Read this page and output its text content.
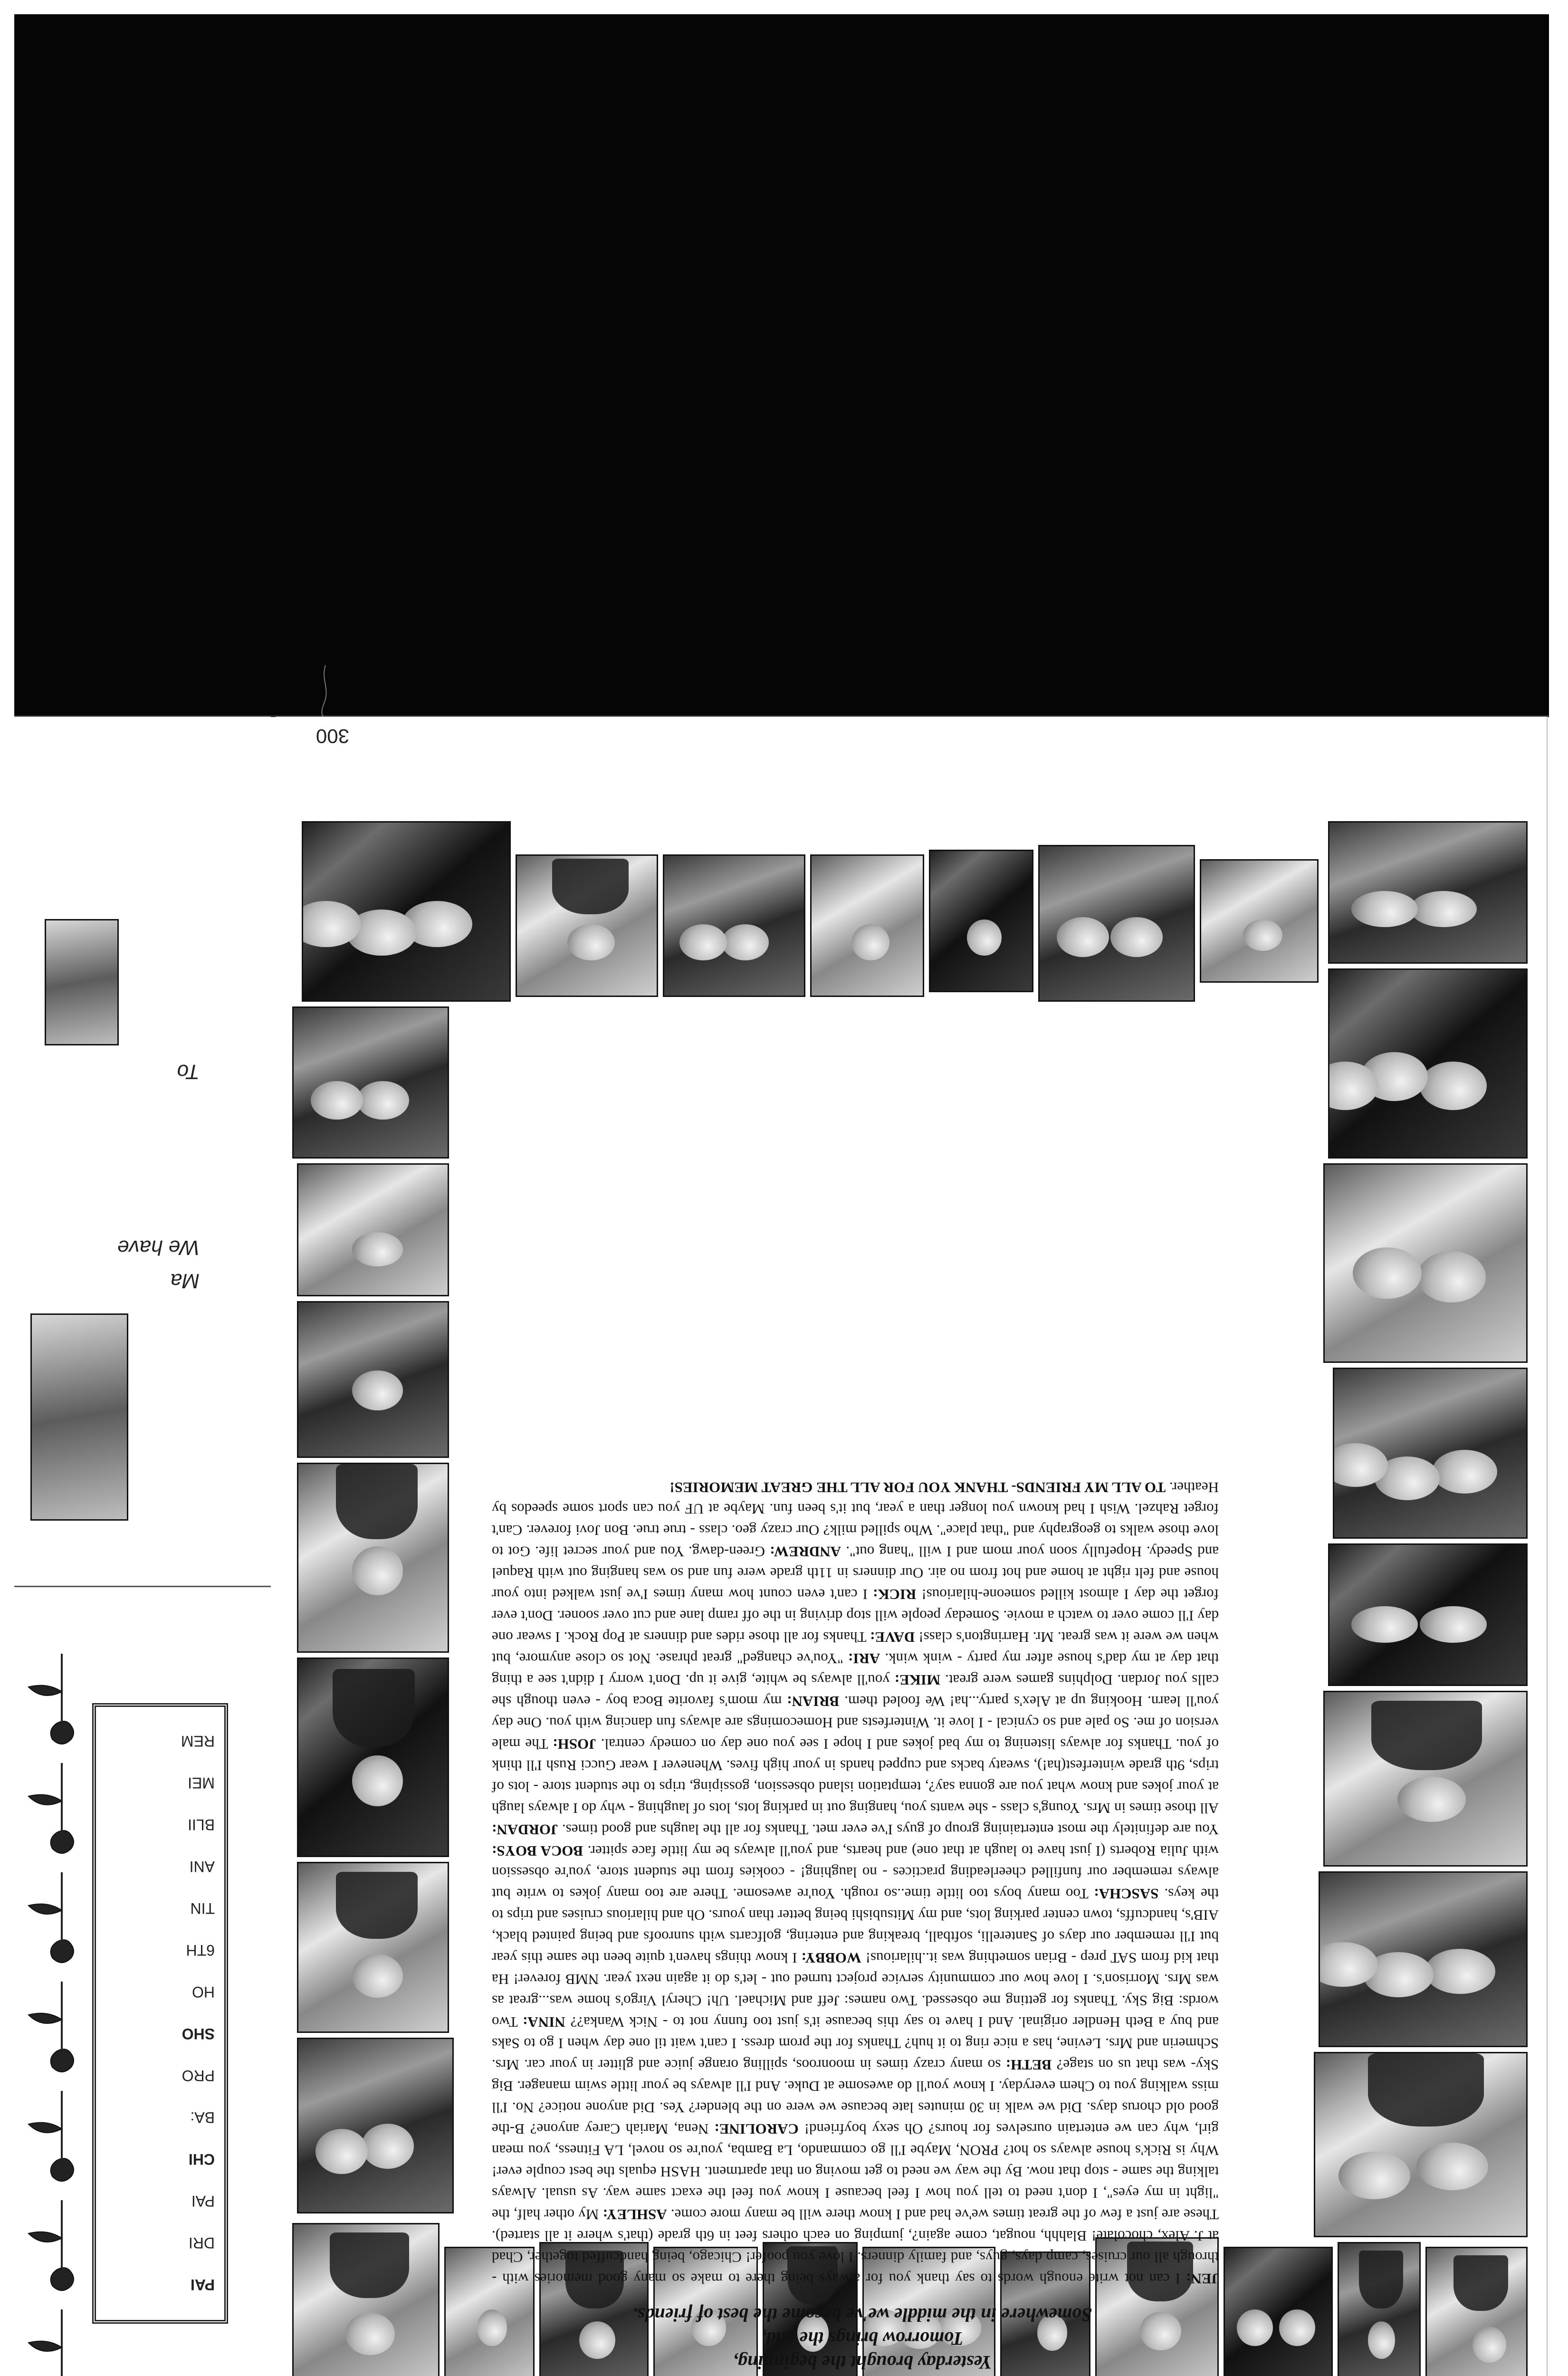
PAI
DRI
PAI
CHI
BA:
PRO
SHO
HO
6TH
TIN
ANI
BLII
MEI
REM
Ma
We have
To

Yesterday brought the beginning,

Tomorrow brings the end,

Somewhere in the middle we've become the best of friends.

JEN: I can not write enough words to say thank you for always being there to make so many good memories with - through all our cruises, camp days, guys, and family dinners. I love you poofer! Chicago, being handcuffed together, Chad at J. Alex, chocolate! Blahhh, nougat, come again?, jumping on each others feet in 6th grade (that's where it all started). These are just a few of the great times we've had and I know there will be many more come. ASHLEY: My other half, the "light in my eyes", I don't need to tell you how I feel because I know you feel the exact same way. As usual. Always talking the same - stop that now. By the way we need to get moving on that apartment. HASH equals the best couple ever! Why is Rick's house always so hot? PRON, Maybe I'll go commando, La Bamba, you're so novel, LA Fitness, you mean girl, why can we entertain ourselves for hours? Oh sexy boyfriend! CAROLINE: Nena, Mariah Carey anyone? B-the good old chorus days. Did we walk in 30 minutes late because we were on the blender? Yes. Did anyone notice? No. I'll miss walking you to Chem everyday. I know you'll do awesome at Duke. And I'll always be your little swim manager. Big Sky- was that us on stage? BETH: so many crazy times in moonroos, spilling orange juice and glitter in your car. Mrs. Schmerin and Mrs. Levine, has a nice ring to it huh? Thanks for the prom dress. I can't wait til one day when I go to Saks and buy a Beth Hendler original. And I have to say this because it's just too funny not to - Nick Wanka?? NINA: Two words: Big Sky. Thanks for getting me obsessed. Two names: Jeff and Michael. Uh! Cheryl Virgo's home was...great as was Mrs. Morrison's. I love how our community service project turned out - let's do it again next year. NMB forever! Ha that kid from SAT prep - Brian something was it..hilarious! WOBBY: I know things haven't quite been the same this year but I'll remember our days of Santerelli, softball, breaking and entering, golfcarts with sunroofs and being painted black, AIB's, handcuffs, town center parking lots, and my Mitsubishi being better than yours. Oh and hilarious cruises and trips to the keys. SASCHA: Too many boys too little time..so rough. You're awesome. There are too many jokes to write but always remember our funfilled cheerleading practices - no laughing! - cookies from the student store, you're obsession with Julia Roberts (I just have to laugh at that one) and hearts, and you'll always be my little face spitter. BOCA BOYS: You are definitely the most entertaining group of guys I've ever met. Thanks for all the laughs and good times. JORDAN: All those times in Mrs. Young's class - she wants you, hanging out in parking lots, lots of laughing - why do I always laugh at your jokes and know what you are gonna say?, temptation island obsession, gossiping, trips to the student store - lots of trips, 9th grade winterfest(ha!), sweaty backs and cupped hands in your high fives. Whenever I wear Gucci Rush I'll think of you. Thanks for always listening to my bad jokes and I hope I see you one day on comedy central. JOSH: The male version of me. So pale and so cynical - I love it. Winterfests and Homecomings are always fun dancing with you. One day you'll learn. Hooking up at Alex's party...ha! We fooled them. BRIAN: my mom's favorite Boca boy - even though she calls you Jordan. Dolphins games were great. MIKE: you'll always be white, give it up. Don't worry I didn't see a thing that day at my dad's house after my party - wink wink. ARI: "You've changed" great phrase. Not so close anymore, but when we were it was great. Mr. Harrington's class! DAVE: Thanks for all those rides and dinners at Pop Rock. I swear one day I'll come over to watch a movie. Someday people will stop driving in the off ramp lane and cut over sooner. Don't ever forget the day I almost killed someone-hilarious! RICK: I can't even count how many times I've just walked into your house and felt right at home and hot from no air. Our dinners in 11th grade were fun and so was hanging out with Raquel and Speedy. Hopefully soon your mom and I will "hang out". ANDREW: Green-dawg. You and your secret life. Got to love those walks to geography and "that place". Who spilled milk? Our crazy geo. class - true true. Bon Jovi forever. Can't forget Rahzel. Wish I had known you longer than a year, but it's been fun. Maybe at UF you can sport some speedos by Heather. TO ALL MY FRIENDS- THANK YOU FOR ALL THE GREAT MEMORIES!

300
